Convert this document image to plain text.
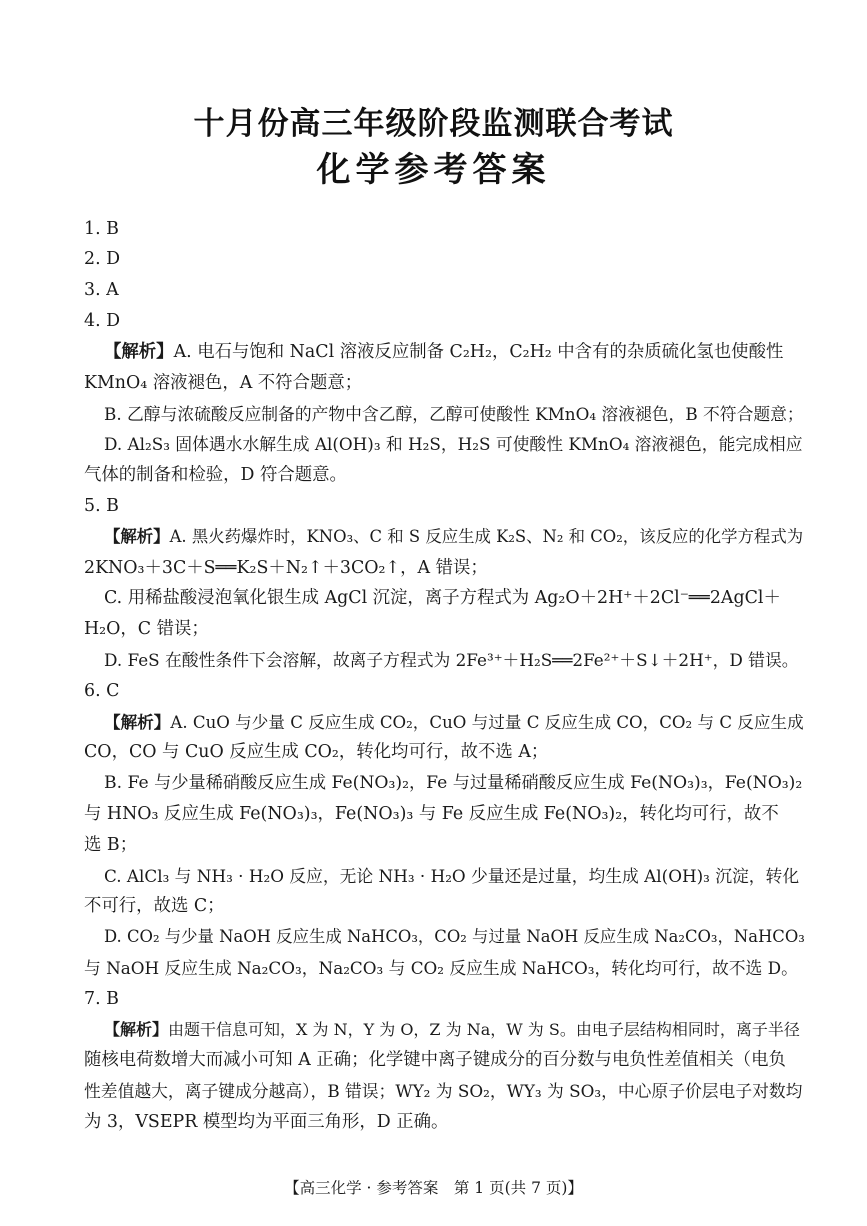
十月份高三年级阶段监测联合考试
化学参考答案
1. B
2. D
3. A
4. D
【解析】A. 电石与饱和 NaCl 溶液反应制备 C₂H₂，C₂H₂ 中含有的杂质硫化氢也使酸性
KMnO₄ 溶液褪色，A 不符合题意；
B. 乙醇与浓硫酸反应制备的产物中含乙醇，乙醇可使酸性 KMnO₄ 溶液褪色，B 不符合题意；
D. Al₂S₃ 固体遇水水解生成 Al(OH)₃ 和 H₂S，H₂S 可使酸性 KMnO₄ 溶液褪色，能完成相应
气体的制备和检验，D 符合题意。
5. B
【解析】A. 黑火药爆炸时，KNO₃、C 和 S 反应生成 K₂S、N₂ 和 CO₂，该反应的化学方程式为
2KNO₃＋3C＋S══K₂S＋N₂↑＋3CO₂↑，A 错误；
C. 用稀盐酸浸泡氧化银生成 AgCl 沉淀，离子方程式为 Ag₂O＋2H⁺＋2Cl⁻══2AgCl＋
H₂O，C 错误；
D. FeS 在酸性条件下会溶解，故离子方程式为 2Fe³⁺＋H₂S══2Fe²⁺＋S↓＋2H⁺，D 错误。
6. C
【解析】A. CuO 与少量 C 反应生成 CO₂，CuO 与过量 C 反应生成 CO，CO₂ 与 C 反应生成
CO，CO 与 CuO 反应生成 CO₂，转化均可行，故不选 A；
B. Fe 与少量稀硝酸反应生成 Fe(NO₃)₂，Fe 与过量稀硝酸反应生成 Fe(NO₃)₃，Fe(NO₃)₂
与 HNO₃ 反应生成 Fe(NO₃)₃，Fe(NO₃)₃ 与 Fe 反应生成 Fe(NO₃)₂，转化均可行，故不
选 B；
C. AlCl₃ 与 NH₃ · H₂O 反应，无论 NH₃ · H₂O 少量还是过量，均生成 Al(OH)₃ 沉淀，转化
不可行，故选 C；
D. CO₂ 与少量 NaOH 反应生成 NaHCO₃，CO₂ 与过量 NaOH 反应生成 Na₂CO₃，NaHCO₃
与 NaOH 反应生成 Na₂CO₃，Na₂CO₃ 与 CO₂ 反应生成 NaHCO₃，转化均可行，故不选 D。
7. B
【解析】由题干信息可知，X 为 N，Y 为 O，Z 为 Na，W 为 S。由电子层结构相同时，离子半径
随核电荷数增大而减小可知 A 正确；化学键中离子键成分的百分数与电负性差值相关（电负
性差值越大，离子键成分越高），B 错误；WY₂ 为 SO₂，WY₃ 为 SO₃，中心原子价层电子对数均
为 3，VSEPR 模型均为平面三角形，D 正确。
【高三化学 · 参考答案　第 1 页(共 7 页)】
